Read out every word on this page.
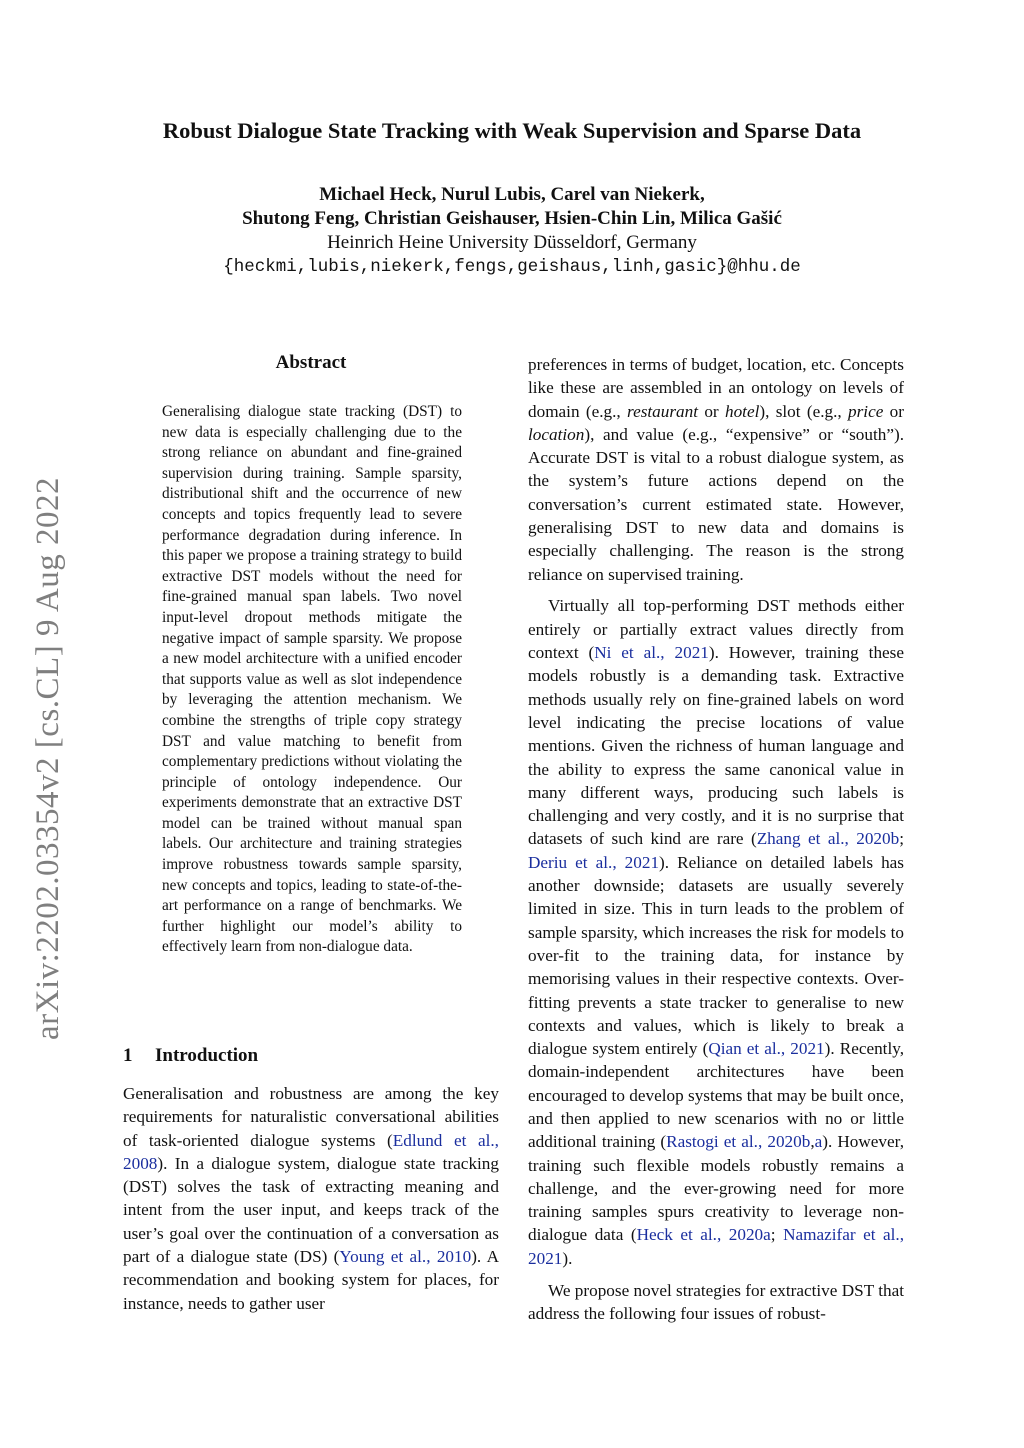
arXiv:2202.03354v2 [cs.CL] 9 Aug 2022
Robust Dialogue State Tracking with Weak Supervision and Sparse Data
Michael Heck, Nurul Lubis, Carel van Niekerk,
Shutong Feng, Christian Geishauser, Hsien-Chin Lin, Milica Gašić
Heinrich Heine University Düsseldorf, Germany
{heckmi,lubis,niekerk,fengs,geishaus,linh,gasic}@hhu.de
Abstract
Generalising dialogue state tracking (DST) to new data is especially challenging due to the strong reliance on abundant and fine-grained supervision during training. Sample sparsity, distributional shift and the occurrence of new concepts and topics frequently lead to severe performance degradation during inference. In this paper we propose a training strategy to build extractive DST models without the need for fine-grained manual span labels. Two novel input-level dropout methods mitigate the negative impact of sample sparsity. We propose a new model architecture with a unified encoder that supports value as well as slot independence by leveraging the attention mechanism. We combine the strengths of triple copy strategy DST and value matching to benefit from complementary predictions without violating the principle of ontology independence. Our experiments demonstrate that an extractive DST model can be trained without manual span labels. Our architecture and training strategies improve robustness towards sample sparsity, new concepts and topics, leading to state-of-the-art performance on a range of benchmarks. We further highlight our model’s ability to effectively learn from non-dialogue data.
1 Introduction

Generalisation and robustness are among the key requirements for naturalistic conversational abilities of task-oriented dialogue systems (Edlund et al., 2008). In a dialogue system, dialogue state tracking (DST) solves the task of extracting meaning and intent from the user input, and keeps track of the user’s goal over the continuation of a conversation as part of a dialogue state (DS) (Young et al., 2010). A recommendation and booking system for places, for instance, needs to gather user

preferences in terms of budget, location, etc. Concepts like these are assembled in an ontology on levels of domain (e.g., restaurant or hotel), slot (e.g., price or location), and value (e.g., “expensive” or “south”). Accurate DST is vital to a robust dialogue system, as the system’s future actions depend on the conversation’s current estimated state. However, generalising DST to new data and domains is especially challenging. The reason is the strong reliance on supervised training.

Virtually all top-performing DST methods either entirely or partially extract values directly from context (Ni et al., 2021). However, training these models robustly is a demanding task. Extractive methods usually rely on fine-grained labels on word level indicating the precise locations of value mentions. Given the richness of human language and the ability to express the same canonical value in many different ways, producing such labels is challenging and very costly, and it is no surprise that datasets of such kind are rare (Zhang et al., 2020b; Deriu et al., 2021). Reliance on detailed labels has another downside; datasets are usually severely limited in size. This in turn leads to the problem of sample sparsity, which increases the risk for models to over-fit to the training data, for instance by memorising values in their respective contexts. Over-fitting prevents a state tracker to generalise to new contexts and values, which is likely to break a dialogue system entirely (Qian et al., 2021). Recently, domain-independent architectures have been encouraged to develop systems that may be built once, and then applied to new scenarios with no or little additional training (Rastogi et al., 2020b,a). However, training such flexible models robustly remains a challenge, and the ever-growing need for more training samples spurs creativity to leverage non-dialogue data (Heck et al., 2020a; Namazifar et al., 2021).

We propose novel strategies for extractive DST that address the following four issues of robust-
